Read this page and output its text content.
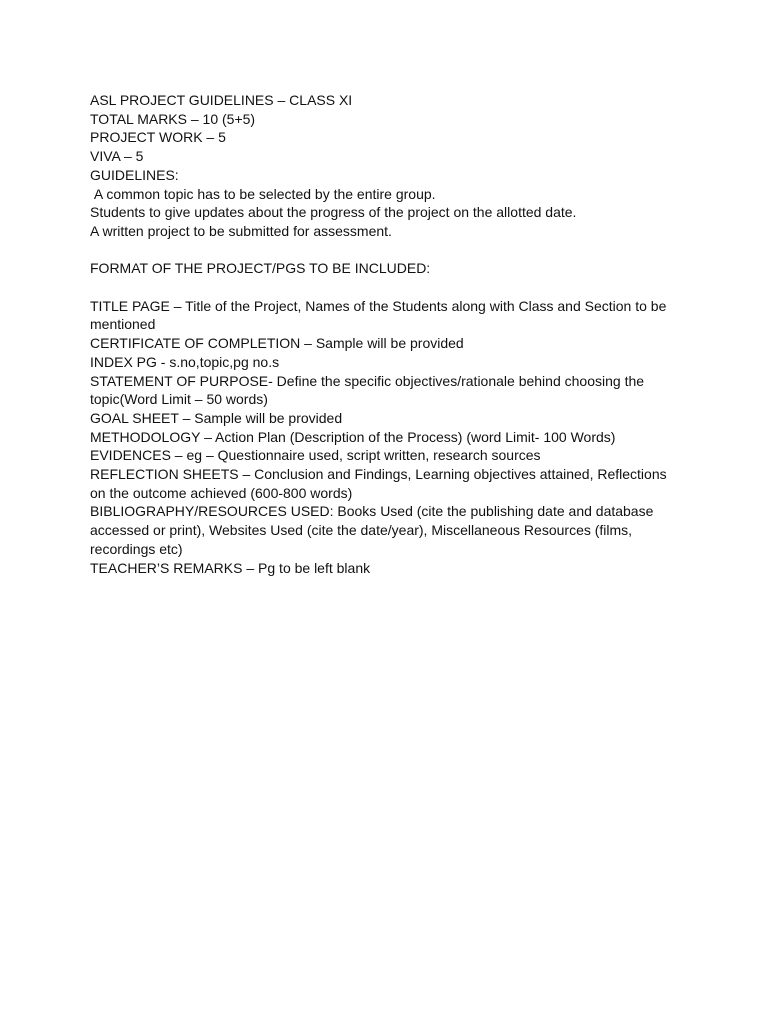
ASL PROJECT GUIDELINES – CLASS XI

TOTAL MARKS – 10 (5+5)

PROJECT WORK – 5

VIVA – 5

GUIDELINES:

A common topic has to be selected by the entire group.

Students to give updates about the progress of the project on the allotted date.

A written project to be submitted for assessment.

FORMAT OF THE PROJECT/PGS TO BE INCLUDED:

TITLE PAGE – Title of the Project, Names of the Students along with Class and Section to be mentioned

CERTIFICATE OF COMPLETION – Sample will be provided

INDEX PG - s.no,topic,pg no.s

STATEMENT OF PURPOSE- Define the specific objectives/rationale behind choosing the topic(Word Limit – 50 words)

GOAL SHEET – Sample will be provided

METHODOLOGY – Action Plan (Description of the Process) (word Limit- 100 Words)

EVIDENCES – eg – Questionnaire used, script written, research sources

REFLECTION SHEETS – Conclusion and Findings, Learning objectives attained, Reflections on the outcome achieved (600-800 words)

BIBLIOGRAPHY/RESOURCES USED: Books Used (cite the publishing date and database accessed or print), Websites Used (cite the date/year), Miscellaneous Resources (films, recordings etc)

TEACHER’S REMARKS – Pg to be left blank
